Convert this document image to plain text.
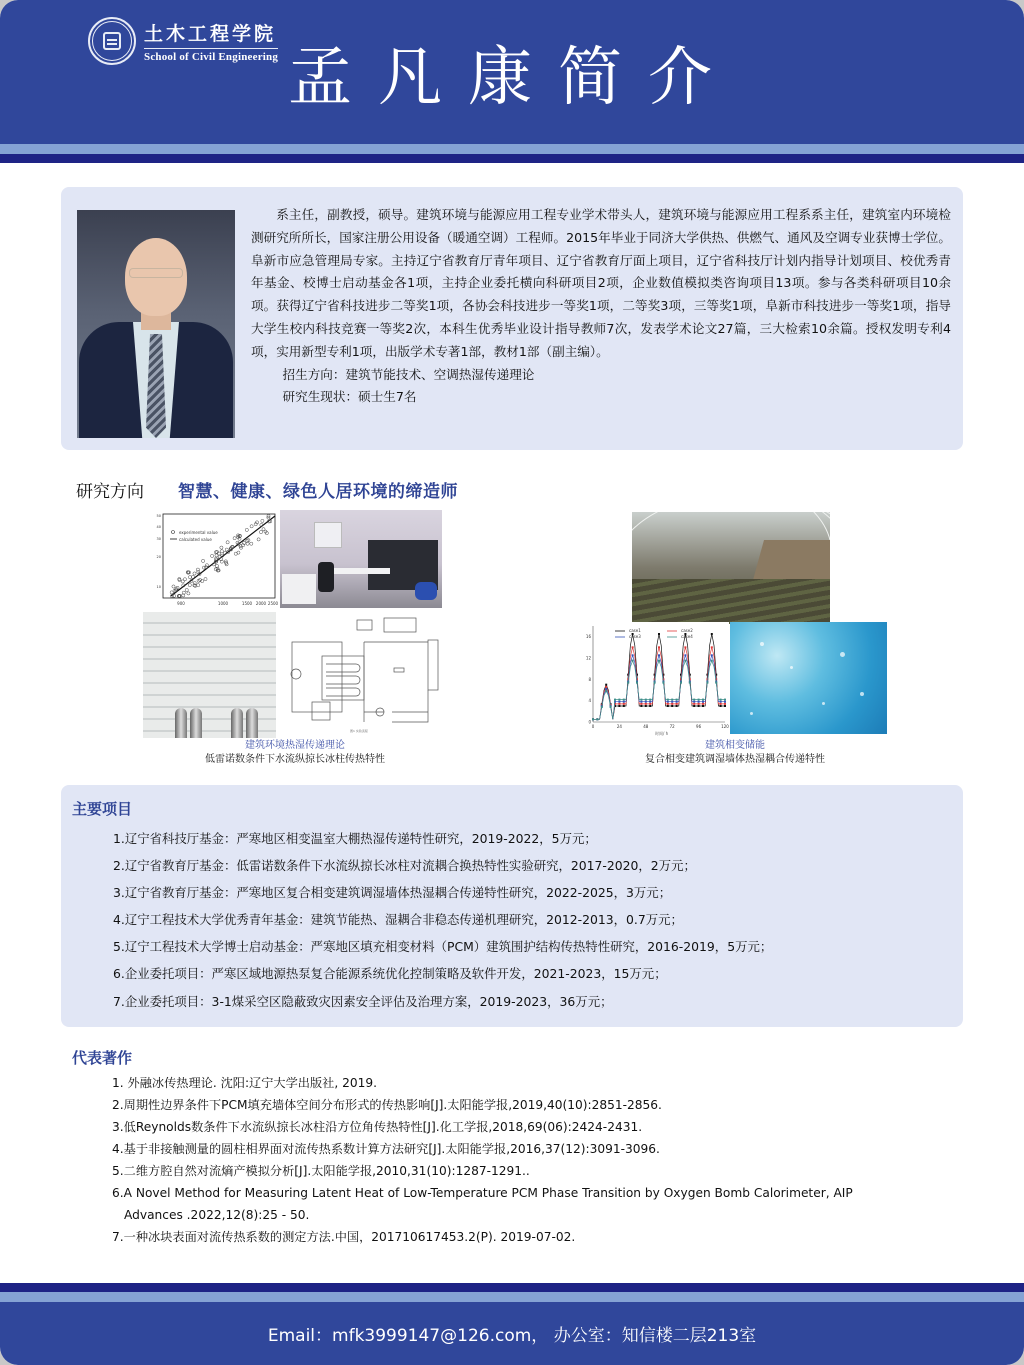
土木工程学院
School of Civil Engineering 孟凡康简介

系主任，副教授，硕导。建筑环境与能源应用工程专业学术带头人，建筑环境与能源应用工程系系主任，建筑室内环境检测研究所所长，国家注册公用设备（暖通空调）工程师。2015年毕业于同济大学供热、供燃气、通风及空调专业获博士学位。阜新市应急管理局专家。主持辽宁省教育厅青年项目、辽宁省教育厅面上项目，辽宁省科技厅计划内指导计划项目、校优秀青年基金、校博士启动基金各1项，主持企业委托横向科研项目2项，企业数值模拟类咨询项目13项。参与各类科研项目10余项。获得辽宁省科技进步二等奖1项，各协会科技进步一等奖1项，二等奖3项，三等奖1项，阜新市科技进步一等奖1项，指导大学生校内科技竞赛一等奖2次，本科生优秀毕业设计指导教师7次，发表学术论文27篇，三大检索10余篇。授权发明专利4项，实用新型专利1项，出版学术专著1部，教材1部（副主编）。

招生方向：建筑节能技术、空调热湿传递理论

研究生现状：硕士生7名

研究方向 智慧、健康、绿色人居环境的缔造师
experimental value
calculated value
900	1000	1500 2000 2500
50
40
30
20
10
图1 实验流程
建筑环境热湿传递理论
低雷诺数条件下水流纵掠长冰柱传热特性
case1	case2
case3	case4
0	24	48	72	96	120
0
4
8
12
16
时间/ h
建筑相变储能
复合相变建筑调湿墙体热湿耦合传递特性
主要项目
1.辽宁省科技厅基金：严寒地区相变温室大棚热湿传递特性研究，2019-2022，5万元；
2.辽宁省教育厅基金：低雷诺数条件下水流纵掠长冰柱对流耦合换热特性实验研究，2017-2020，2万元；
3.辽宁省教育厅基金：严寒地区复合相变建筑调湿墙体热湿耦合传递特性研究，2022-2025，3万元；
4.辽宁工程技术大学优秀青年基金：建筑节能热、湿耦合非稳态传递机理研究，2012-2013，0.7万元；
5.辽宁工程技术大学博士启动基金：严寒地区填充相变材料（PCM）建筑围护结构传热特性研究，2016-2019，5万元；
6.企业委托项目：严寒区域地源热泵复合能源系统优化控制策略及软件开发，2021-2023，15万元；
7.企业委托项目：3-1煤采空区隐蔽致灾因素安全评估及治理方案，2019-2023，36万元；
代表著作
1. 外融冰传热理论. 沈阳:辽宁大学出版社, 2019.
2.周期性边界条件下PCM填充墙体空间分布形式的传热影响[J].太阳能学报,2019,40(10):2851-2856.
3.低Reynolds数条件下水流纵掠长冰柱沿方位角传热特性[J].化工学报,2018,69(06):2424-2431.
4.基于非接触测量的圆柱相界面对流传热系数计算方法研究[J].太阳能学报,2016,37(12):3091-3096.
5.二维方腔自然对流熵产模拟分析[J].太阳能学报,2010,31(10):1287-1291..
6.A Novel Method for Measuring Latent Heat of Low-Temperature PCM Phase Transition by Oxygen Bomb Calorimeter, AIP
Advances .2022,12(8):25 - 50.
7.一种冰块表面对流传热系数的测定方法.中国，201710617453.2(P). 2019-07-02.
Email：mfk3999147@126.com， 办公室：知信楼二层213室
